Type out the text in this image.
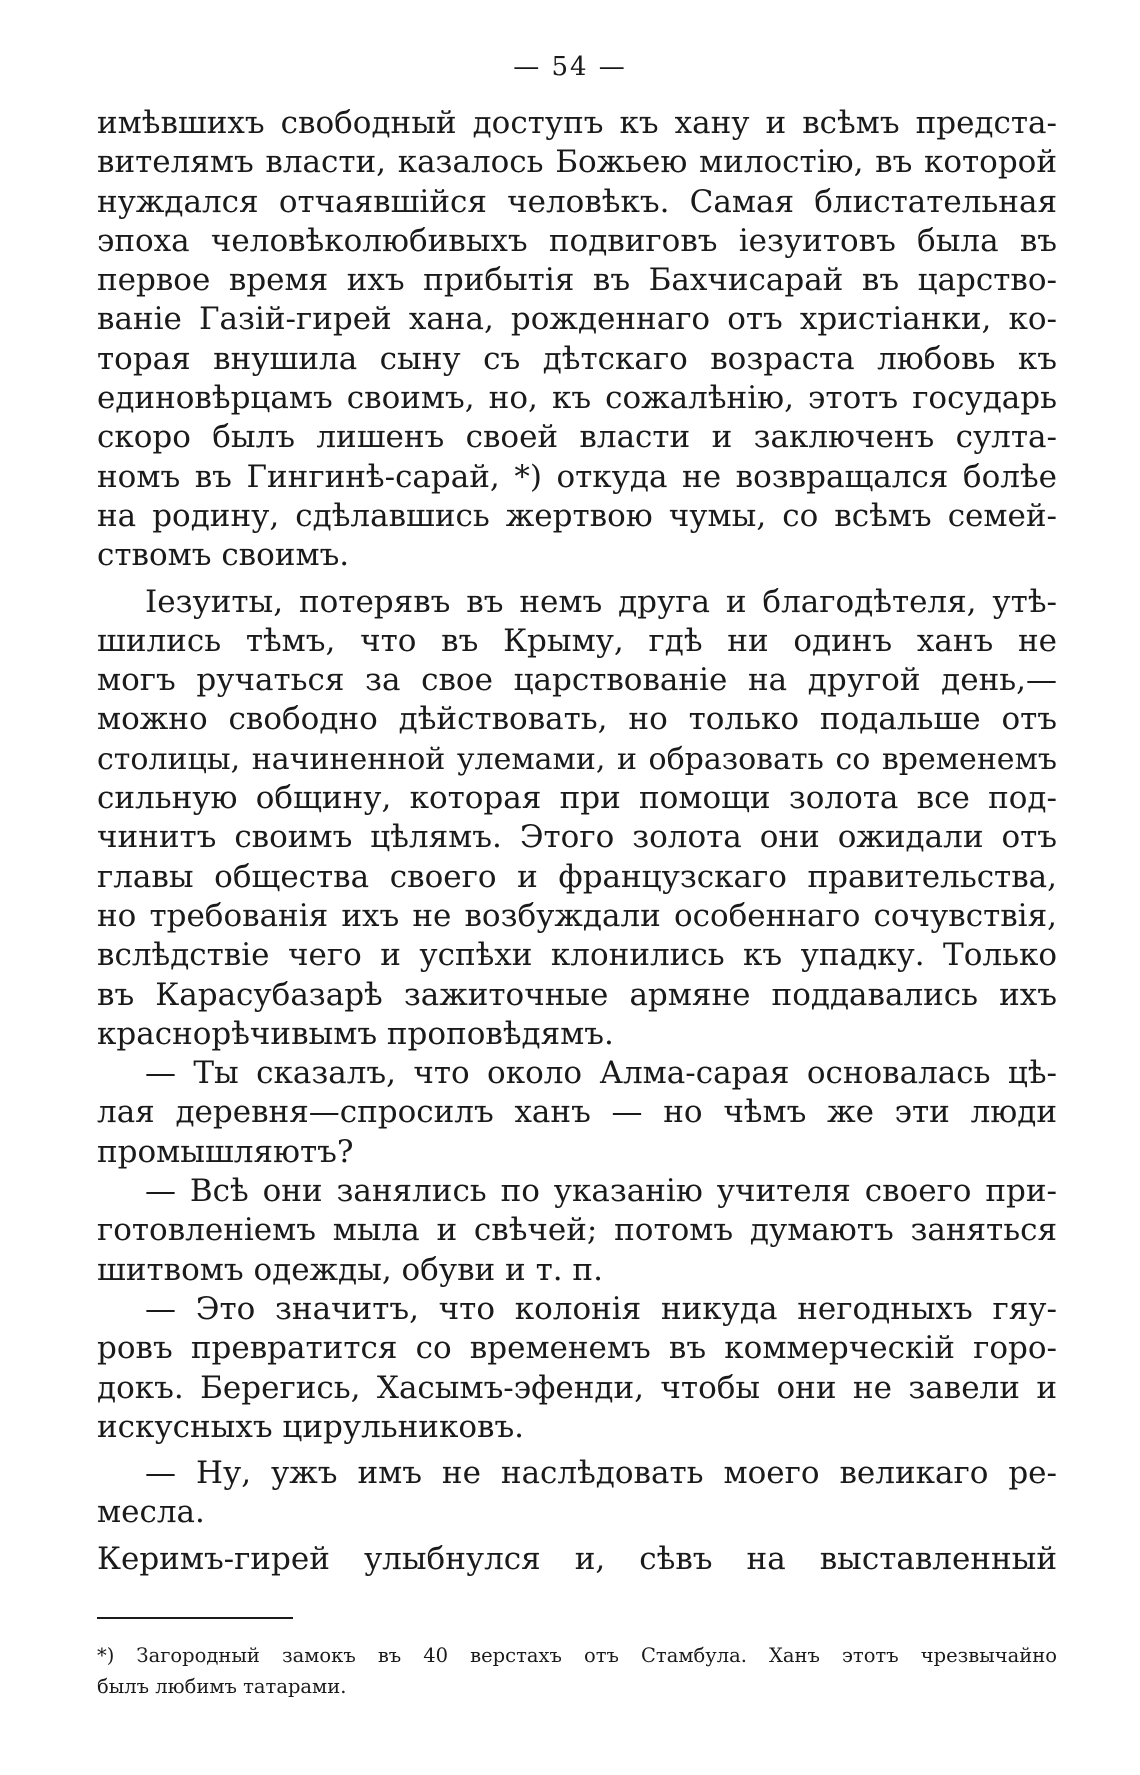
— 54 —
имѣвшихъ свободный доступъ къ хану и всѣмъ предста-
вителямъ власти, казалось Божьею милостію, въ которой
нуждался отчаявшійся человѣкъ. Самая блистательная
эпоха человѣколюбивыхъ подвиговъ іезуитовъ была въ
первое время ихъ прибытія въ Бахчисарай въ царство-
ваніе Газій-гирей хана, рожденнаго отъ христіанки, ко-
торая внушила сыну съ дѣтскаго возраста любовь къ
единовѣрцамъ своимъ, но, къ сожалѣнію, этотъ государь
скоро былъ лишенъ своей власти и заключенъ султа-
номъ въ Гингинѣ-сарай, *) откуда не возвращался болѣе
на родину, сдѣлавшись жертвою чумы, со всѣмъ семей-
ствомъ своимъ.
Іезуиты, потерявъ въ немъ друга и благодѣтеля, утѣ-
шились тѣмъ, что въ Крыму, гдѣ ни одинъ ханъ не
могъ ручаться за свое царствованіе на другой день,—
можно свободно дѣйствовать, но только подальше отъ
столицы, начиненной улемами, и образовать со временемъ
сильную общину, которая при помощи золота все под-
чинитъ своимъ цѣлямъ. Этого золота они ожидали отъ
главы общества своего и французскаго правительства,
но требованія ихъ не возбуждали особеннаго сочувствія,
вслѣдствіе чего и успѣхи клонились къ упадку. Только
въ Карасубазарѣ зажиточные армяне поддавались ихъ
краснорѣчивымъ проповѣдямъ.
— Ты сказалъ, что около Алма-сарая основалась цѣ-
лая деревня—спросилъ ханъ — но чѣмъ же эти люди
промышляютъ?
— Всѣ они занялись по указанію учителя своего при-
готовленіемъ мыла и свѣчей; потомъ думаютъ заняться
шитвомъ одежды, обуви и т. п.
— Это значитъ, что колонія никуда негодныхъ гяу-
ровъ превратится со временемъ въ коммерческій горо-
докъ. Берегись, Хасымъ-эфенди, чтобы они не завели и
искусныхъ цирульниковъ.
— Ну, ужъ имъ не наслѣдовать моего великаго ре-
месла.
Керимъ-гирей улыбнулся и, сѣвъ на выставленный
*) Загородный замокъ въ 40 верстахъ отъ Стамбула. Ханъ этотъ чрезвычайно
былъ любимъ татарами.
